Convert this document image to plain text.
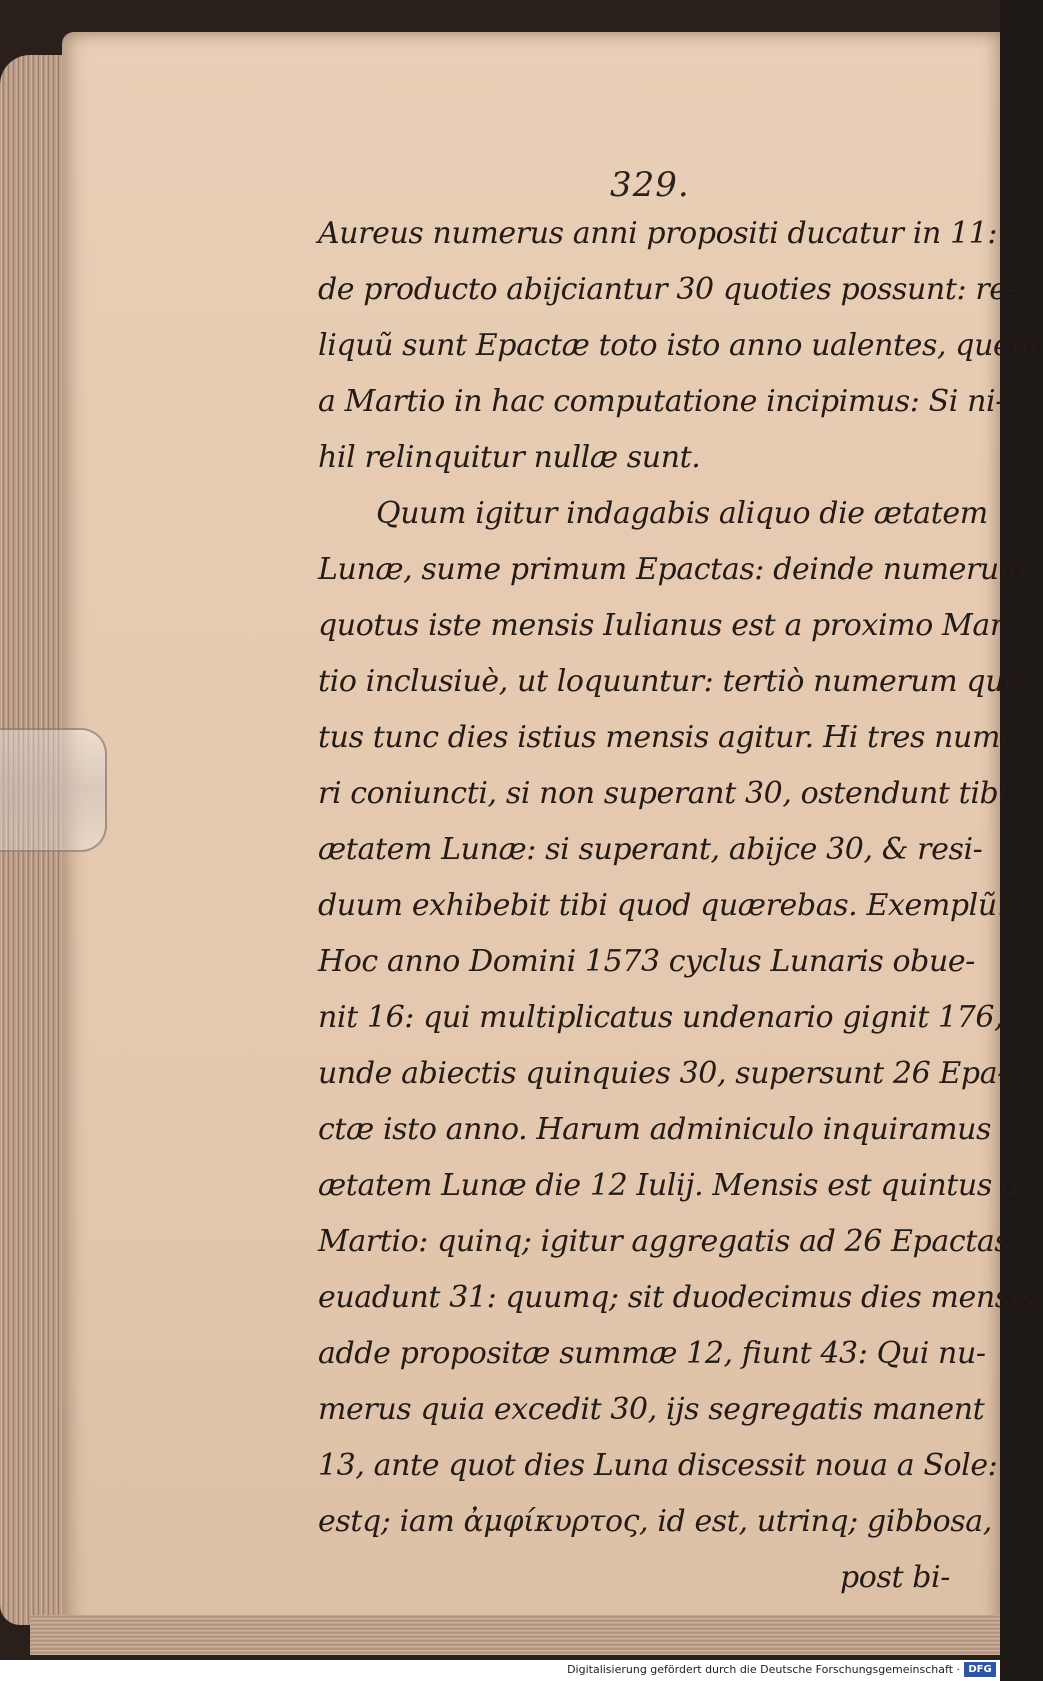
329.
Aureus numerus anni propositi ducatur in 11:
de producto abijciantur 30 quoties possunt: re-
liquũ sunt Epactæ toto isto anno ualentes, quem
a Martio in hac computatione incipimus: Si ni-
hil relinquitur nullæ sunt.
Quum igitur indagabis aliquo die ætatem
Lunæ, sume primum Epactas: deinde numerum
quotus iste mensis Iulianus est a proximo Mar-
tio inclusiuè, ut loquuntur: tertiò numerum quo-
tus tunc dies istius mensis agitur. Hi tres nume-
ri coniuncti, si non superant 30, ostendunt tibi
ætatem Lunæ: si superant, abijce 30, & resi-
duum exhibebit tibi quod quærebas. Exemplũ.
Hoc anno Domini 1573 cyclus Lunaris obue-
nit 16: qui multiplicatus undenario gignit 176,
unde abiectis quinquies 30, supersunt 26 Epa-
ctæ isto anno. Harum adminiculo inquiramus
ætatem Lunæ die 12 Iulij. Mensis est quintus a
Martio: quinq; igitur aggregatis ad 26 Epactas
euadunt 31: quumq; sit duodecimus dies mensis,
adde propositæ summæ 12, fiunt 43: Qui nu-
merus quia excedit 30, ijs segregatis manent
13, ante quot dies Luna discessit noua a Sole:
estq; iam ἀμφίκυρτος, id est, utrinq; gibbosa,
post bi-
Digitalisierung gefördert durch die Deutsche Forschungsgemeinschaft · DFG
